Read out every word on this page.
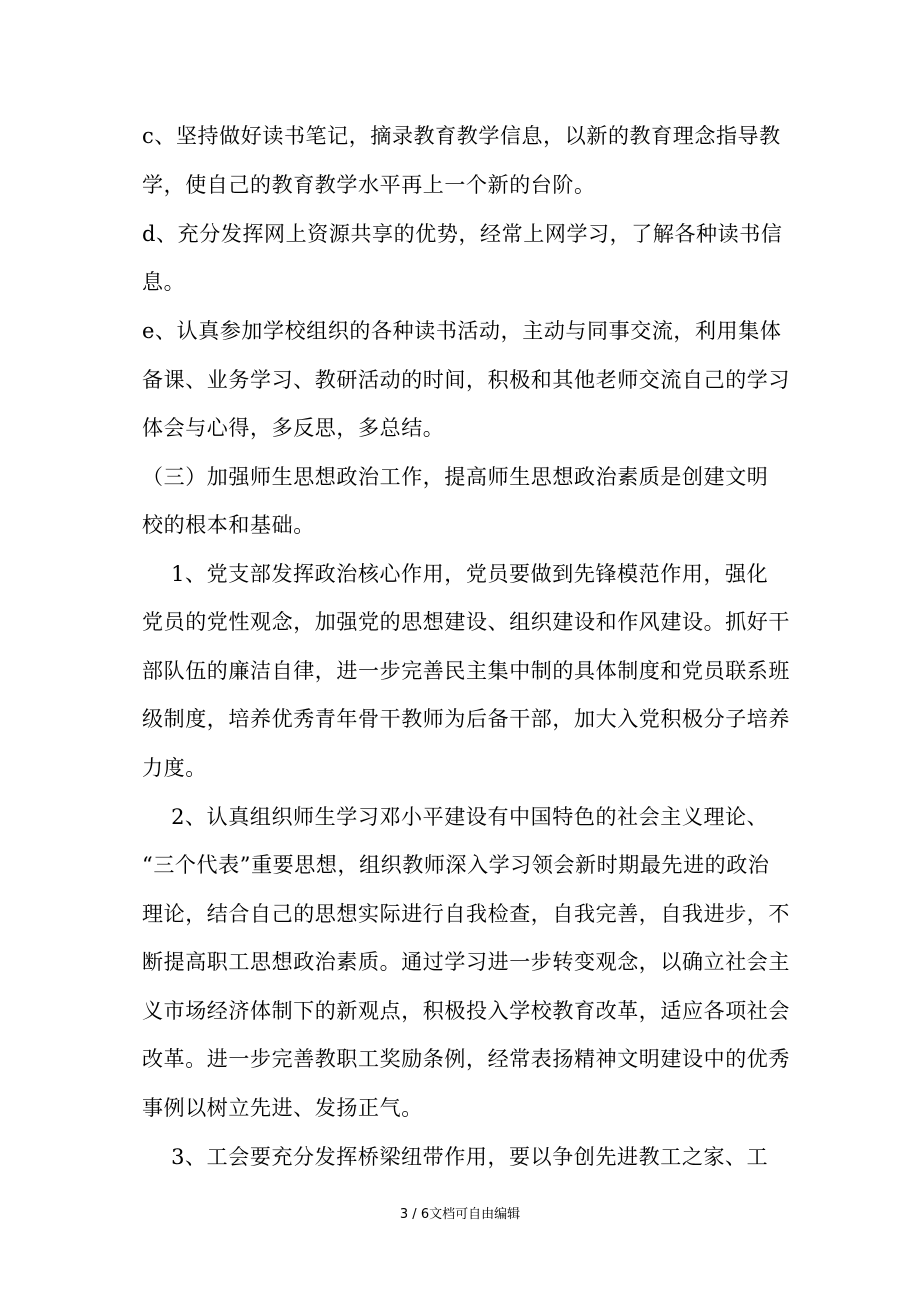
c、坚持做好读书笔记，摘录教育教学信息，以新的教育理念指导教
学，使自己的教育教学水平再上一个新的台阶。
d、充分发挥网上资源共享的优势，经常上网学习，了解各种读书信
息。
e、认真参加学校组织的各种读书活动，主动与同事交流，利用集体
备课、业务学习、教研活动的时间，积极和其他老师交流自己的学习
体会与心得，多反思，多总结。
（三）加强师生思想政治工作，提高师生思想政治素质是创建文明
校的根本和基础。
1、党支部发挥政治核心作用，党员要做到先锋模范作用，强化
党员的党性观念，加强党的思想建设、组织建设和作风建设。抓好干
部队伍的廉洁自律，进一步完善民主集中制的具体制度和党员联系班
级制度，培养优秀青年骨干教师为后备干部，加大入党积极分子培养
力度。
2、认真组织师生学习邓小平建设有中国特色的社会主义理论、
“三个代表”重要思想，组织教师深入学习领会新时期最先进的政治
理论，结合自己的思想实际进行自我检查，自我完善，自我进步，不
断提高职工思想政治素质。通过学习进一步转变观念，以确立社会主
义市场经济体制下的新观点，积极投入学校教育改革，适应各项社会
改革。进一步完善教职工奖励条例，经常表扬精神文明建设中的优秀
事例以树立先进、发扬正气。
3、工会要充分发挥桥梁纽带作用，要以争创先进教工之家、工
3 / 6文档可自由编辑
